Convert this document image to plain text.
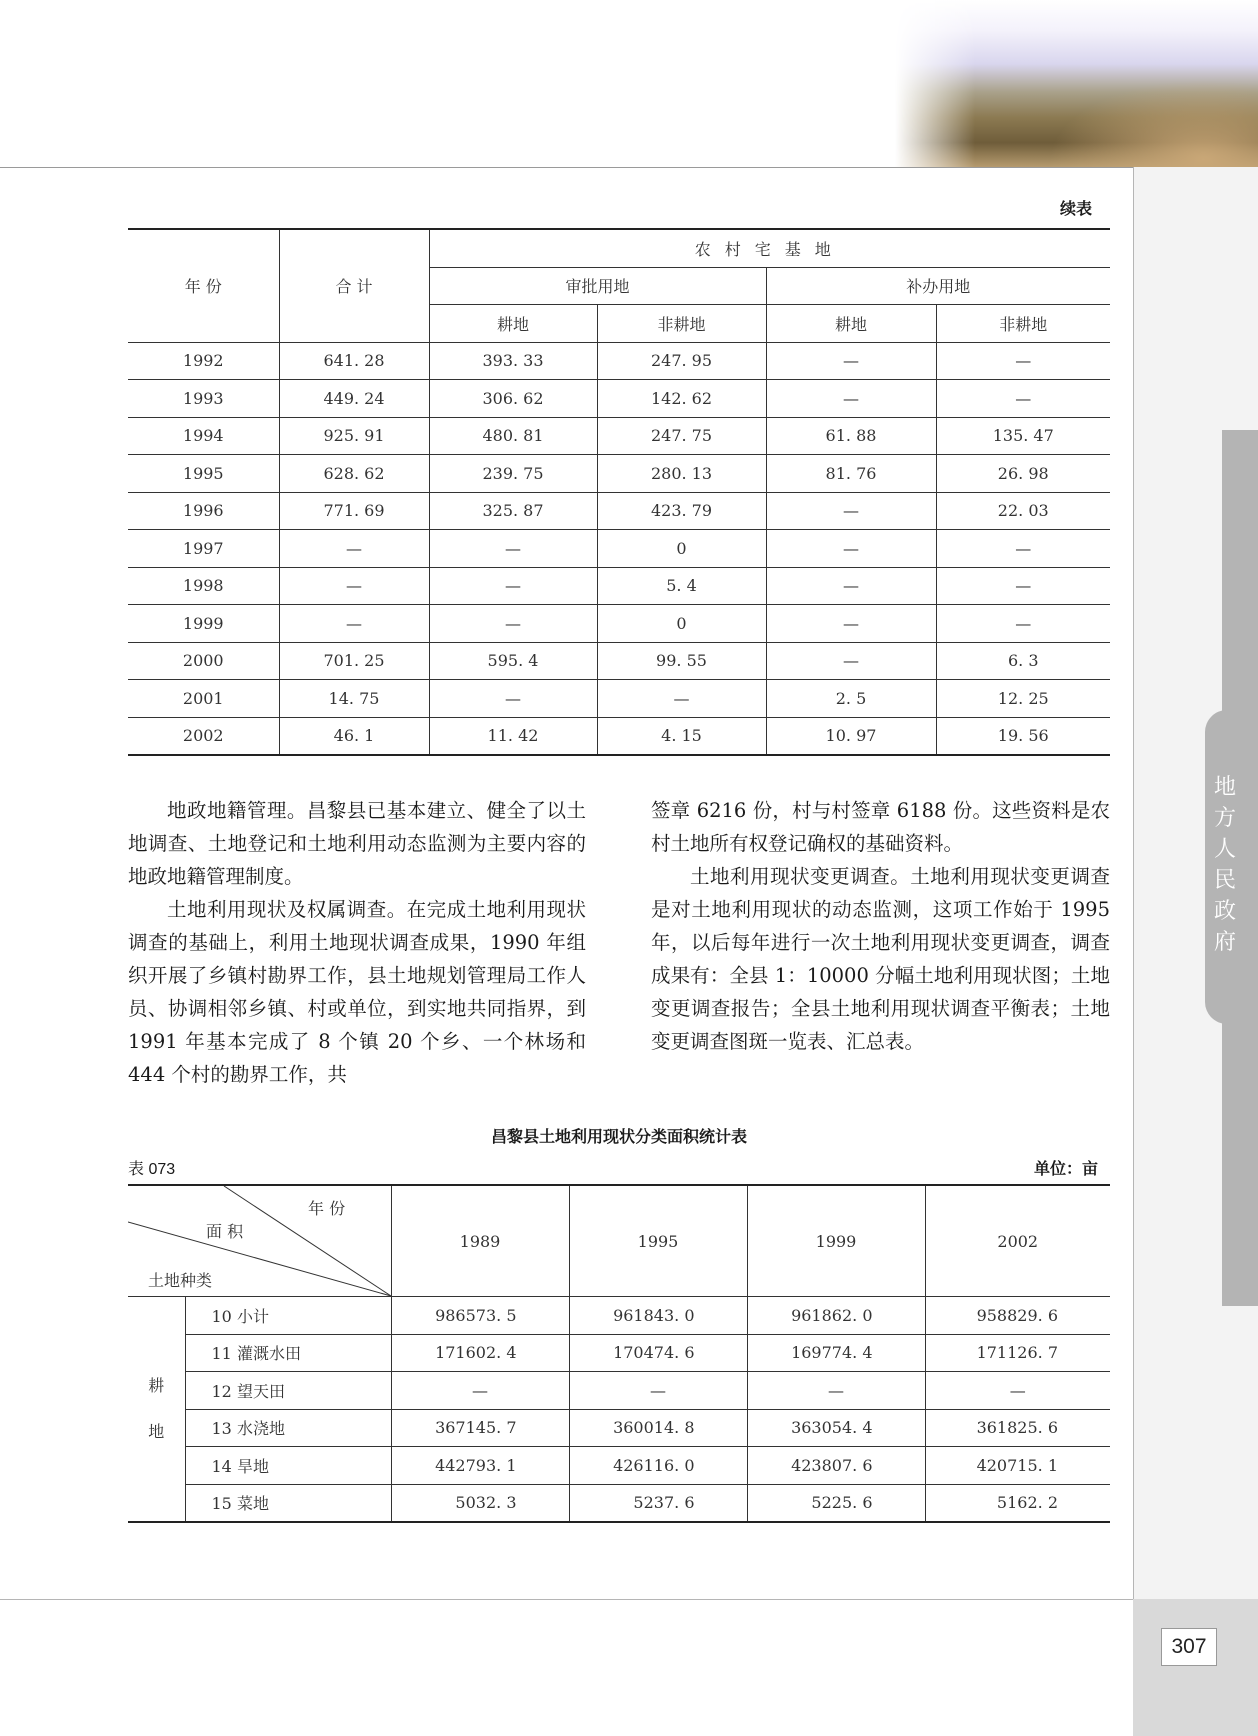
地方人民政府
307
续表
年 份	合 计	农村宅基地			
		审批用地		补办用地	
		耕地	非耕地	耕地	非耕地
1992	641. 28	393. 33	247. 95	—	—
1993	449. 24	306. 62	142. 62	—	—
1994	925. 91	480. 81	247. 75	61. 88	135. 47
1995	628. 62	239. 75	280. 13	81. 76	26. 98
1996	771. 69	325. 87	423. 79	—	22. 03
1997	—	—	0	—	—
1998	—	—	5. 4	—	—
1999	—	—	0	—	—
2000	701. 25	595. 4	99. 55	—	6. 3
2001	14. 75	—	—	2. 5	12. 25
2002	46. 1	11. 42	4. 15	10. 97	19. 56

地政地籍管理。昌黎县已基本建立、健全了以土地调查、土地登记和土地利用动态监测为主要内容的地政地籍管理制度。

土地利用现状及权属调查。在完成土地利用现状调查的基础上，利用土地现状调查成果，1990 年组织开展了乡镇村勘界工作，县土地规划管理局工作人员、协调相邻乡镇、村或单位，到实地共同指界，到 1991 年基本完成了 8 个镇 20 个乡、一个林场和 444 个村的勘界工作，共

签章 6216 份，村与村签章 6188 份。这些资料是农村土地所有权登记确权的基础资料。

土地利用现状变更调查。土地利用现状变更调查是对土地利用现状的动态监测，这项工作始于 1995 年，以后每年进行一次土地利用现状变更调查，调查成果有：全县 1：10000 分幅土地利用现状图；土地变更调查报告；全县土地利用现状调查平衡表；土地变更调查图斑一览表、汇总表。

昌黎县土地利用现状分类面积统计表
表 073	单位：亩
年 份
面 积
土地种类		1989	1995	1999	2002

耕
地	10 小计	986573. 5	961843. 0	961862. 0	958829. 6
	11 灌溉水田	171602. 4	170474. 6	169774. 4	171126. 7
	12 望天田	—	—	—	—
	13 水浇地	367145. 7	360014. 8	363054. 4	361825. 6
	14 旱地	442793. 1	426116. 0	423807. 6	420715. 1
	15 菜地	5032. 3	5237. 6	5225. 6	5162. 2
